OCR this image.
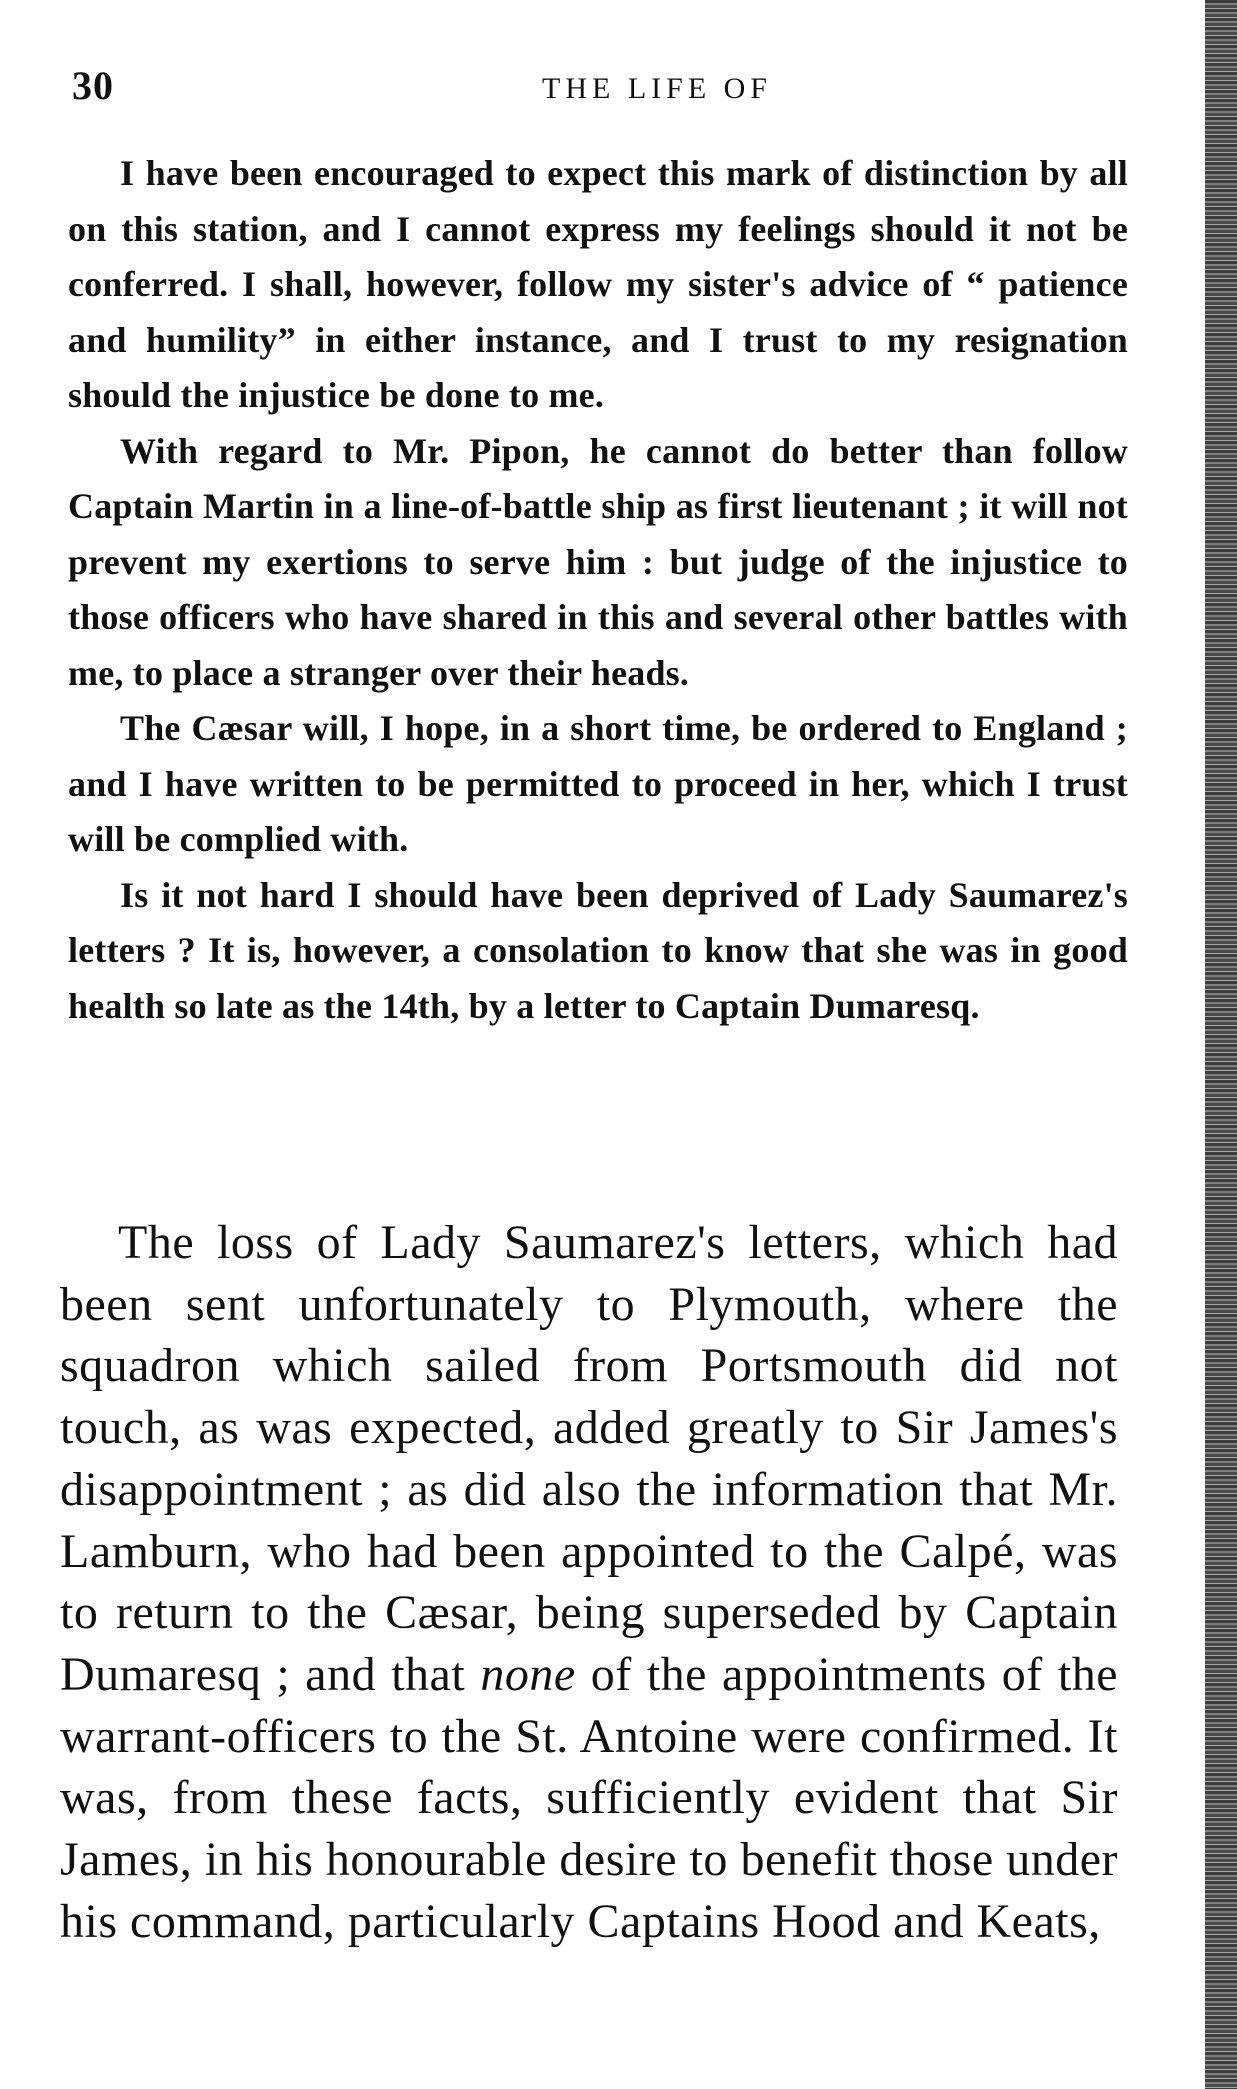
30	THE LIFE OF

I have been encouraged to expect this mark of distinction by all on this station, and I cannot express my feelings should it not be conferred. I shall, however, follow my sister's advice of “ patience and humility” in either instance, and I trust to my resignation should the injustice be done to me.

With regard to Mr. Pipon, he cannot do better than follow Captain Martin in a line-of-battle ship as first lieutenant ; it will not prevent my exertions to serve him : but judge of the injustice to those officers who have shared in this and several other battles with me, to place a stranger over their heads.

The Cæsar will, I hope, in a short time, be ordered to England ; and I have written to be permitted to proceed in her, which I trust will be complied with.

Is it not hard I should have been deprived of Lady Saumarez's letters ? It is, however, a consolation to know that she was in good health so late as the 14th, by a letter to Captain Dumaresq.

The loss of Lady Saumarez's letters, which had been sent unfortunately to Plymouth, where the squadron which sailed from Portsmouth did not touch, as was expected, added greatly to Sir James's disappointment ; as did also the information that Mr. Lamburn, who had been appointed to the Calpé, was to return to the Cæsar, being superseded by Captain Dumaresq ; and that none of the appointments of the warrant-officers to the St. Antoine were confirmed. It was, from these facts, sufficiently evident that Sir James, in his honourable desire to benefit those under his command, particularly Captains Hood and Keats,
